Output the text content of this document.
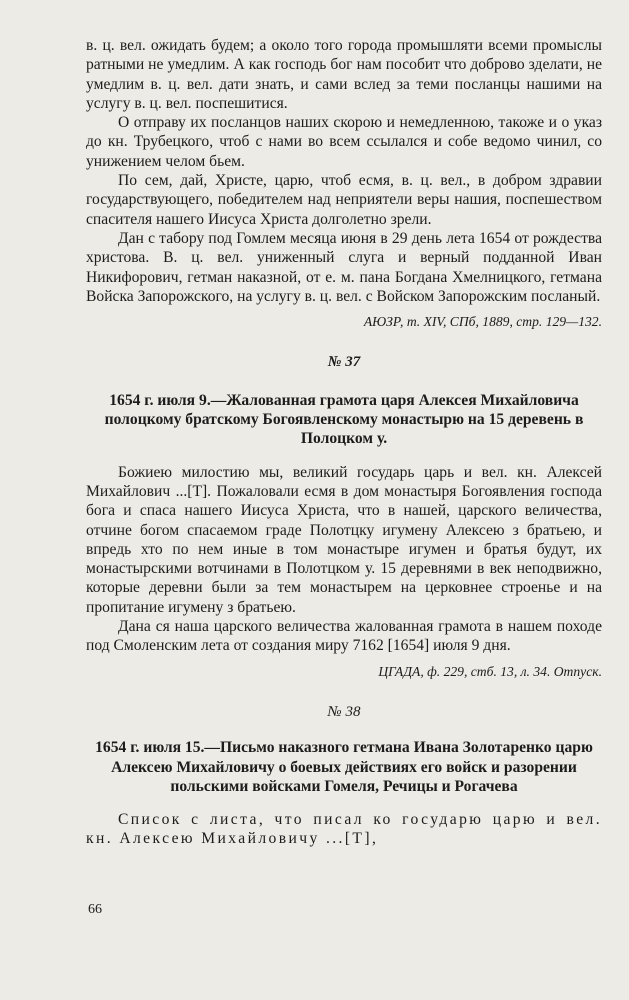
в. ц. вел. ожидать будем; а около того города промышляти всеми промыслы ратными не умедлим. А как господь бог нам пособит что доброво зделати, не умедлим в. ц. вел. дати знать, и сами вслед за теми посланцы нашими на услугу в. ц. вел. поспешитися.

О отправу их посланцов наших скорою и немедленною, такоже и о указ до кн. Трубецкого, чтоб с нами во всем ссылался и собе ведомо чинил, со унижением челом бьем.

По сем, дай, Христе, царю, чтоб есмя, в. ц. вел., в добром здравии государствующего, победителем над неприятели веры нашия, поспешеством спасителя нашего Иисуса Христа долголетно зрели.

Дан с табору под Гомлем месяца июня в 29 день лета 1654 от рождества христова. В. ц. вел. униженный слуга и верный подданной Иван Никифорович, гетман наказной, от е. м. пана Богдана Хмелницкого, гетмана Войска Запорожского, на услугу в. ц. вел. с Войском Запорожским посланый.

АЮЗР, т. XIV, СПб, 1889, стр. 129—132.

№ 37
1654 г. июля 9.—Жалованная грамота царя Алексея Михайловича полоцкому братскому Богоявленскому монастырю на 15 деревень в Полоцком у.

Божиею милостию мы, великий государь царь и вел. кн. Алексей Михайлович ...[Т]. Пожаловали есмя в дом монастыря Богоявления господа бога и спаса нашего Иисуса Христа, что в нашей, царского величества, отчине богом спасаемом граде Полотцку игумену Алексею з братьею, и впредь хто по нем иные в том монастыре игумен и братья будут, их монастырскими вотчинами в Полотцком у. 15 деревнями в век неподвижно, которые деревни были за тем монастырем на церковнее строенье и на пропитание игумену з братьею.

Дана ся наша царского величества жалованная грамота в нашем походе под Смоленским лета от создания миру 7162 [1654] июля 9 дня.

ЦГАДА, ф. 229, стб. 13, л. 34. Отпуск.

№ 38
1654 г. июля 15.—Письмо наказного гетмана Ивана Золотаренко царю Алексею Михайловичу о боевых действиях его войск и разорении польскими войсками Гомеля, Речицы и Рогачева

Список с листа, что писал ко государю царю и вел. кн. Алексею Михайловичу ...[Т],

66
